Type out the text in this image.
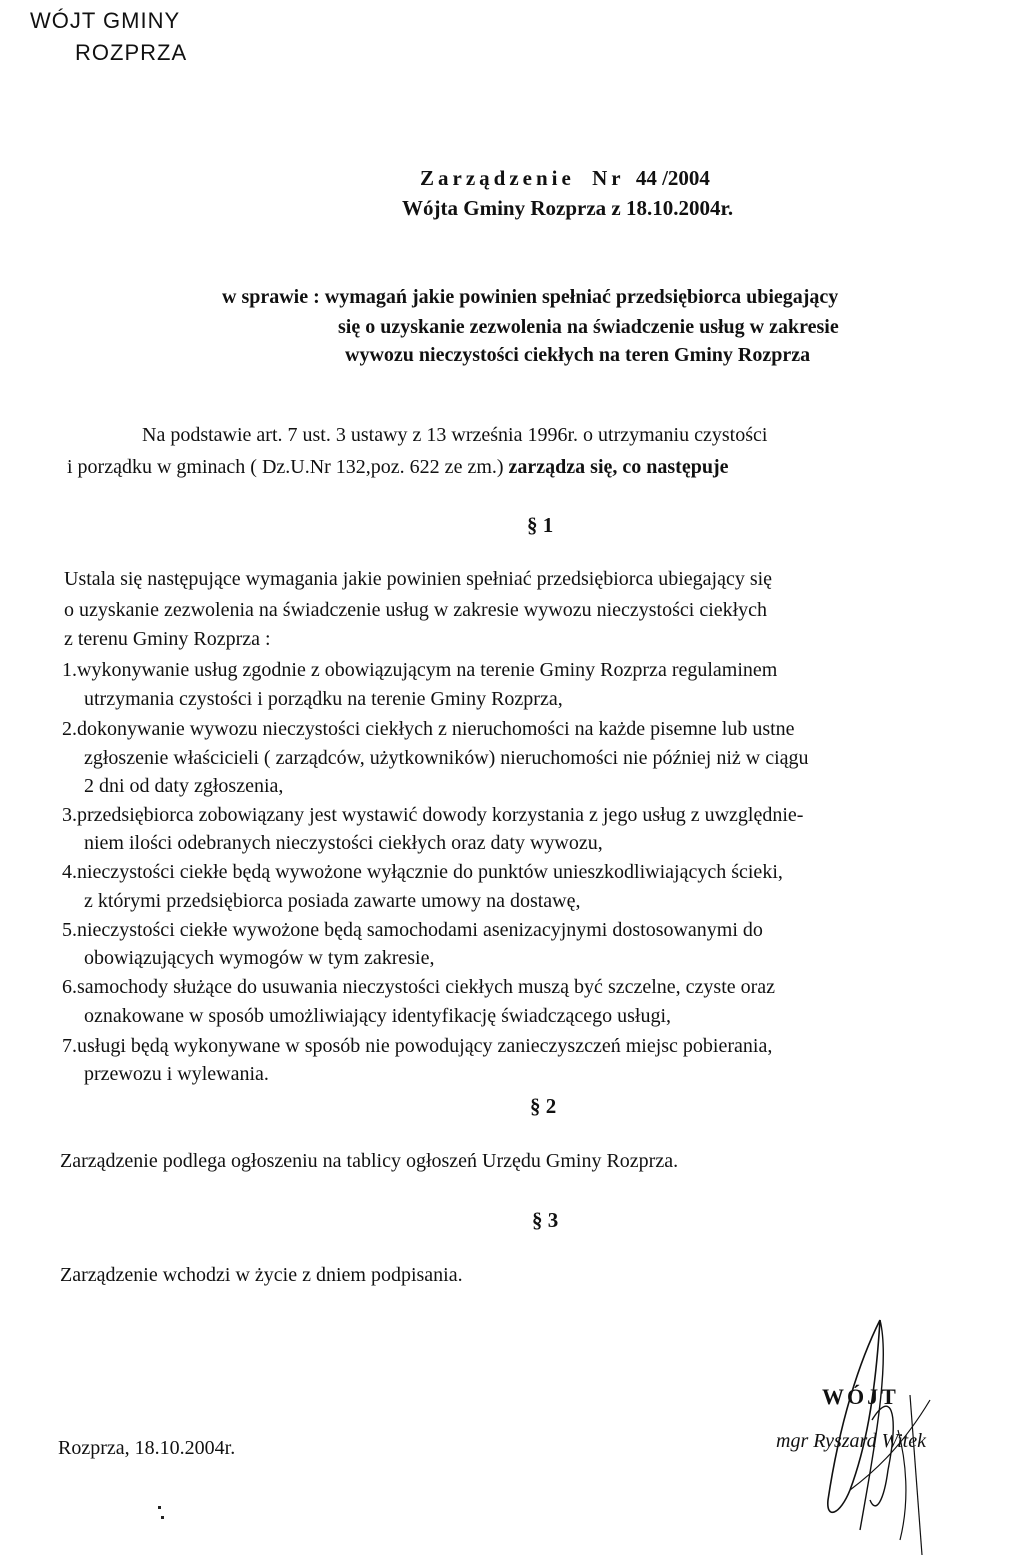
WÓJT GMINY
ROZPRZA
Zarządzenie Nr 44 /2004
Wójta Gminy Rozprza z 18.10.2004r.
w sprawie : wymagań jakie powinien spełniać przedsiębiorca ubiegający
się o uzyskanie zezwolenia na świadczenie usług w zakresie
wywozu nieczystości ciekłych na teren Gminy Rozprza
Na podstawie art. 7 ust. 3 ustawy z 13 września 1996r. o utrzymaniu czystości
i porządku w gminach ( Dz.U.Nr 132,poz. 622 ze zm.) zarządza się, co następuje
§ 1
Ustala się następujące wymagania jakie powinien spełniać przedsiębiorca ubiegający się
o uzyskanie zezwolenia na świadczenie usług w zakresie wywozu nieczystości ciekłych
z terenu Gminy Rozprza :
1.wykonywanie usług zgodnie z obowiązującym na terenie Gminy Rozprza regulaminem
utrzymania czystości i porządku na terenie Gminy Rozprza,
2.dokonywanie wywozu nieczystości ciekłych z nieruchomości na każde pisemne lub ustne
zgłoszenie właścicieli ( zarządców, użytkowników) nieruchomości nie później niż w ciągu
2 dni od daty zgłoszenia,
3.przedsiębiorca zobowiązany jest wystawić dowody korzystania z jego usług z uwzględnie-
niem ilości odebranych nieczystości ciekłych oraz daty wywozu,
4.nieczystości ciekłe będą wywożone wyłącznie do punktów unieszkodliwiających ścieki,
z którymi przedsiębiorca posiada zawarte umowy na dostawę,
5.nieczystości ciekłe wywożone będą samochodami asenizacyjnymi dostosowanymi do
obowiązujących wymogów w tym zakresie,
6.samochody służące do usuwania nieczystości ciekłych muszą być szczelne, czyste oraz
oznakowane w sposób umożliwiający identyfikację świadczącego usługi,
7.usługi będą wykonywane w sposób nie powodujący zanieczyszczeń miejsc pobierania,
przewozu i wylewania.
§ 2
Zarządzenie podlega ogłoszeniu na tablicy ogłoszeń Urzędu Gminy Rozprza.
§ 3
Zarządzenie wchodzi w życie z dniem podpisania.
Rozprza, 18.10.2004r.
WÓJT
mgr Ryszard Witek
